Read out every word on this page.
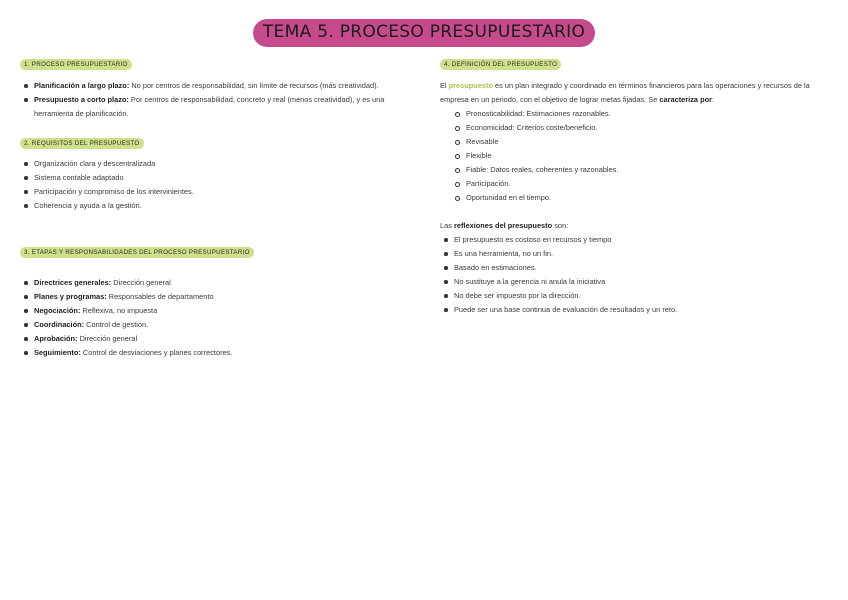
TEMA 5. PROCESO PRESUPUESTARIO
1. PROCESO PRESUPUESTARIO
Planificación a largo plazo: No por centros de responsabilidad, sin límite de recursos (más creatividad).
Presupuesto a corto plazo: Por centros de responsabilidad, concreto y real (menos creatividad), y es una herramienta de planificación.
2. REQUISITOS DEL PRESUPUESTO
Organización clara y descentralizada
Sistema contable adaptado
Participación y compromiso de los intervinientes.
Coherencia y ayuda a la gestión.
3. ETAPAS Y RESPONSABILIDADES DEL PROCESO PRESUPUESTARIO
Directrices generales: Dirección general
Planes y programas: Responsables de departamento
Negociación: Reflexiva, no impuesta
Coordinación: Control de gestión.
Aprobación: Dirección general
Seguimiento: Control de desviaciones y planes correctores.
4. DEFINICIÓN DEL PRESUPUESTO

El presupuesto es un plan integrado y coordinado en términos financieros para las operaciones y recursos de la empresa en un periodo, con el objetivo de lograr metas fijadas. Se caracteriza por:

Pronosticabilidad: Estimaciones razonables.
Economicidad: Criterios coste/beneficio.
Revisable
Flexible
Fiable: Datos reales, coherentes y razonables.
Participación.
Oportunidad en el tiempo.

Las reflexiones del presupuesto son:

El presupuesto es costoso en recursos y tiempo
Es una herramienta, no un fin.
Basado en estimaciones.
No sustituye a la gerencia ni anula la iniciativa
No debe ser impuesto por la dirección.
Puede ser una base continua de evaluación de resultados y un reto.
